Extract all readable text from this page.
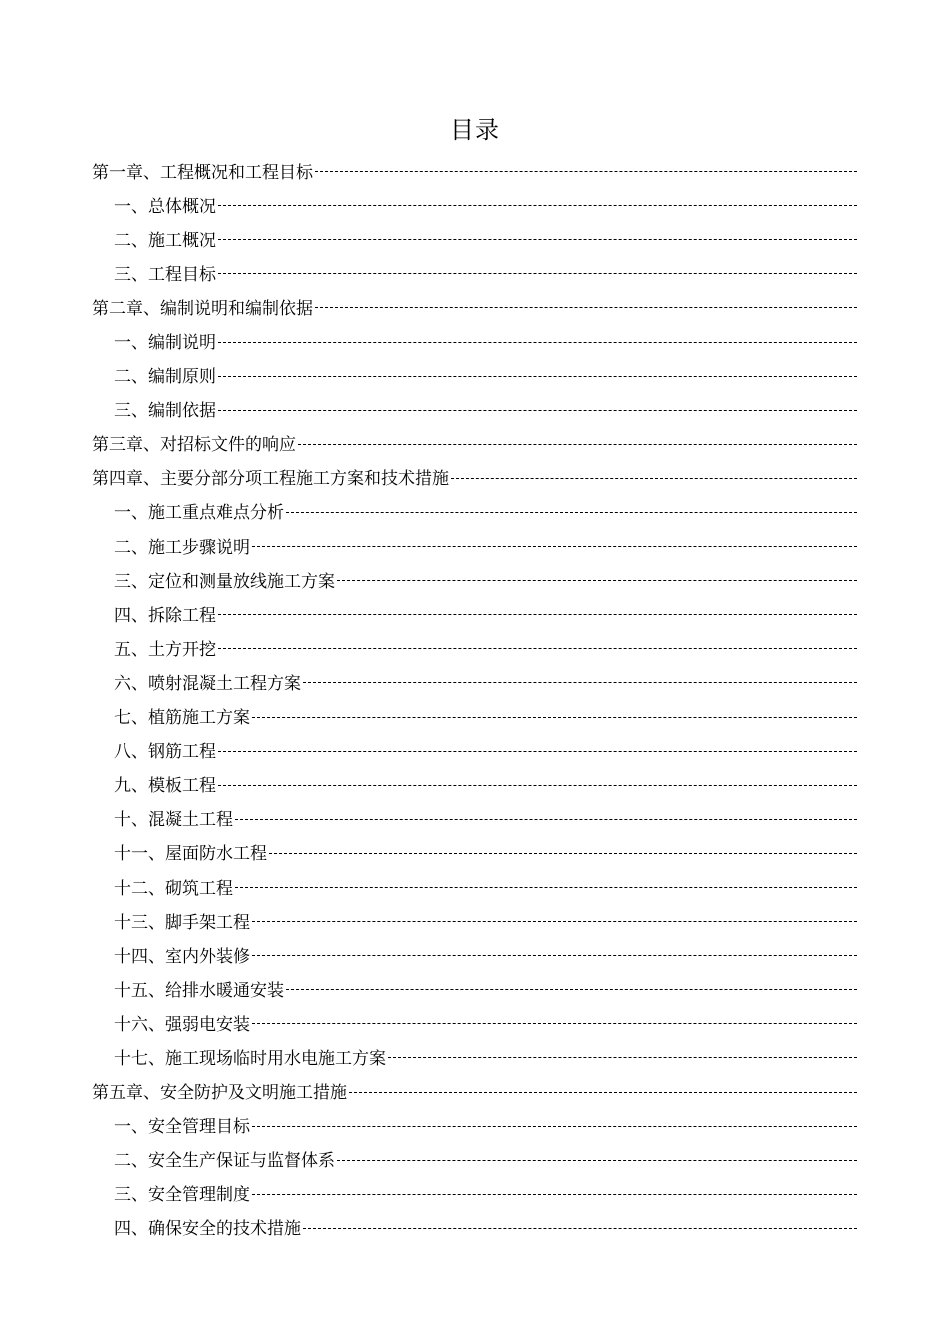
目录
第一章、工程概况和工程目标
一、总体概况
二、施工概况
三、工程目标
第二章、编制说明和编制依据
一、编制说明
二、编制原则
三、编制依据
第三章、对招标文件的响应
第四章、主要分部分项工程施工方案和技术措施
一、施工重点难点分析
二、施工步骤说明
三、定位和测量放线施工方案
四、拆除工程
五、土方开挖
六、喷射混凝土工程方案
七、植筋施工方案
八、钢筋工程
九、模板工程
十、混凝土工程
十一、屋面防水工程
十二、砌筑工程
十三、脚手架工程
十四、室内外装修
十五、给排水暖通安装
十六、强弱电安装
十七、施工现场临时用水电施工方案
第五章、安全防护及文明施工措施
一、安全管理目标
二、安全生产保证与监督体系
三、安全管理制度
四、确保安全的技术措施
